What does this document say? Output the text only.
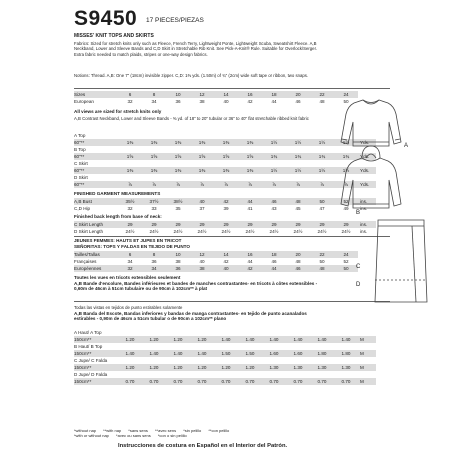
S9450 17 PIECES/PIEZAS
MISSES' KNIT TOPS AND SKIRTS
Fabrics: Sized for stretch knits only such as Fleece, French Terry, Lightweight Ponte, Lightweight Scuba, Sweatshirt Fleece. A,B Neckband, Lower and Sleeve Bands and C,D Skirt in Stretchable Rib Knit. See Pick-A-Knit® Rule. Suitable for Overlock/Serger. Extra fabric needed to match plaids, stripes or one-way design fabrics.
Notions: Thread. A,B: One 7" (18cm) invisible zipper. C,D: 1⅜ yds. (1.50m) of ¾" (2cm) wide soft tape or ribbon, two snaps.
Sizes	6	8	10	12	14	16	18	20	22	24
European	32	34	36	38	40	42	44	46	48	50
All views are sized for stretch knits only
A,B Contrast Neckband, Lower and Sleeve Bands - ⅜ yd. of 18" to 20" tubular or 36" to 40" flat stretchable ribbed knit fabric
A Top											
60"**	1⅜	1⅜	1⅜	1⅜	1⅜	1⅜	1½	1½	1½	1½	Yds.
B Top											
60"**	1⅝	1⅝	1⅝	1⅝	1⅝	1⅝	1¾	1¾	1¾	1¾	Yds.
C Skirt											
60"**	1⅜	1⅜	1⅜	1⅜	1⅜	1⅜	1½	1½	1½	1½	Yds.
D Skirt											
60"**	⅞	⅞	⅞	⅞	⅞	⅞	⅞	⅞	⅞	⅞	Yds.
FINISHED GARMENT MEASUREMENTS
A,B Bust	35½	37½	38½	40	42	44	46	48	50	52	ins.
C,D Hip	32	33	35	37	39	41	43	45	47	49	ins.
Finished back length from base of neck:
C Skirt Length	29	29	29	29	29	29	29	29	29	29	ins.
D Skirt Length	24½	24½	24½	24½	24½	24½	24½	24½	24½	24½	ins.
JEUNES FEMMES: HAUTS ET JUPES EN TRICOT
SEÑORITAS: TOPS Y FALDAS EN TEJIDO DE PUNTO
Tailles/Tallas	6	8	10	12	14	16	18	20	22	24
Françaises	34	36	38	40	42	44	46	48	50	52
Européennes	32	34	36	38	40	42	44	46	48	50
Toutes les vues en tricots extensibles seulement
A,B Bande d'encolure, Bandes inférieures et bandes de manches contrastantes- en tricots à côtes extensibles - 0,60m de 46cm à 51cm tubulaire ou de 90cm à 102cm** à plat
Todas las vistas en tejidos de punto estirables solamente
A,B Banda del Escote, Bandas inferiores y bandas de manga contrastantes- en tejido de punto acanalados estirables - 0,90m de 46cm a 51cm tubular o de 90cm a 102cm** plano
A Haut/ A Top											
150cm**	1.20	1.20	1.20	1.20	1.40	1.40	1.40	1.40	1.40	1.40	M
B Haut/ B Top											
150cm**	1.40	1.40	1.40	1.40	1.50	1.50	1.60	1.60	1.80	1.80	M
C Jupe/ C Falda											
150cm**	1.20	1.20	1.20	1.20	1.20	1.20	1.30	1.30	1.30	1.30	M
D Jupe/ D Falda											
150cm**	0.70	0.70	0.70	0.70	0.70	0.70	0.70	0.70	0.70	0.70	M
*without nap **with nap *sans sens **avec sens *sin pelillo **con pelillo
*with or without nap *avec ou sans sens *con o sin pelillo
Instrucciones de costura en Español en el Interior del Patrón.
A
B
C
D
